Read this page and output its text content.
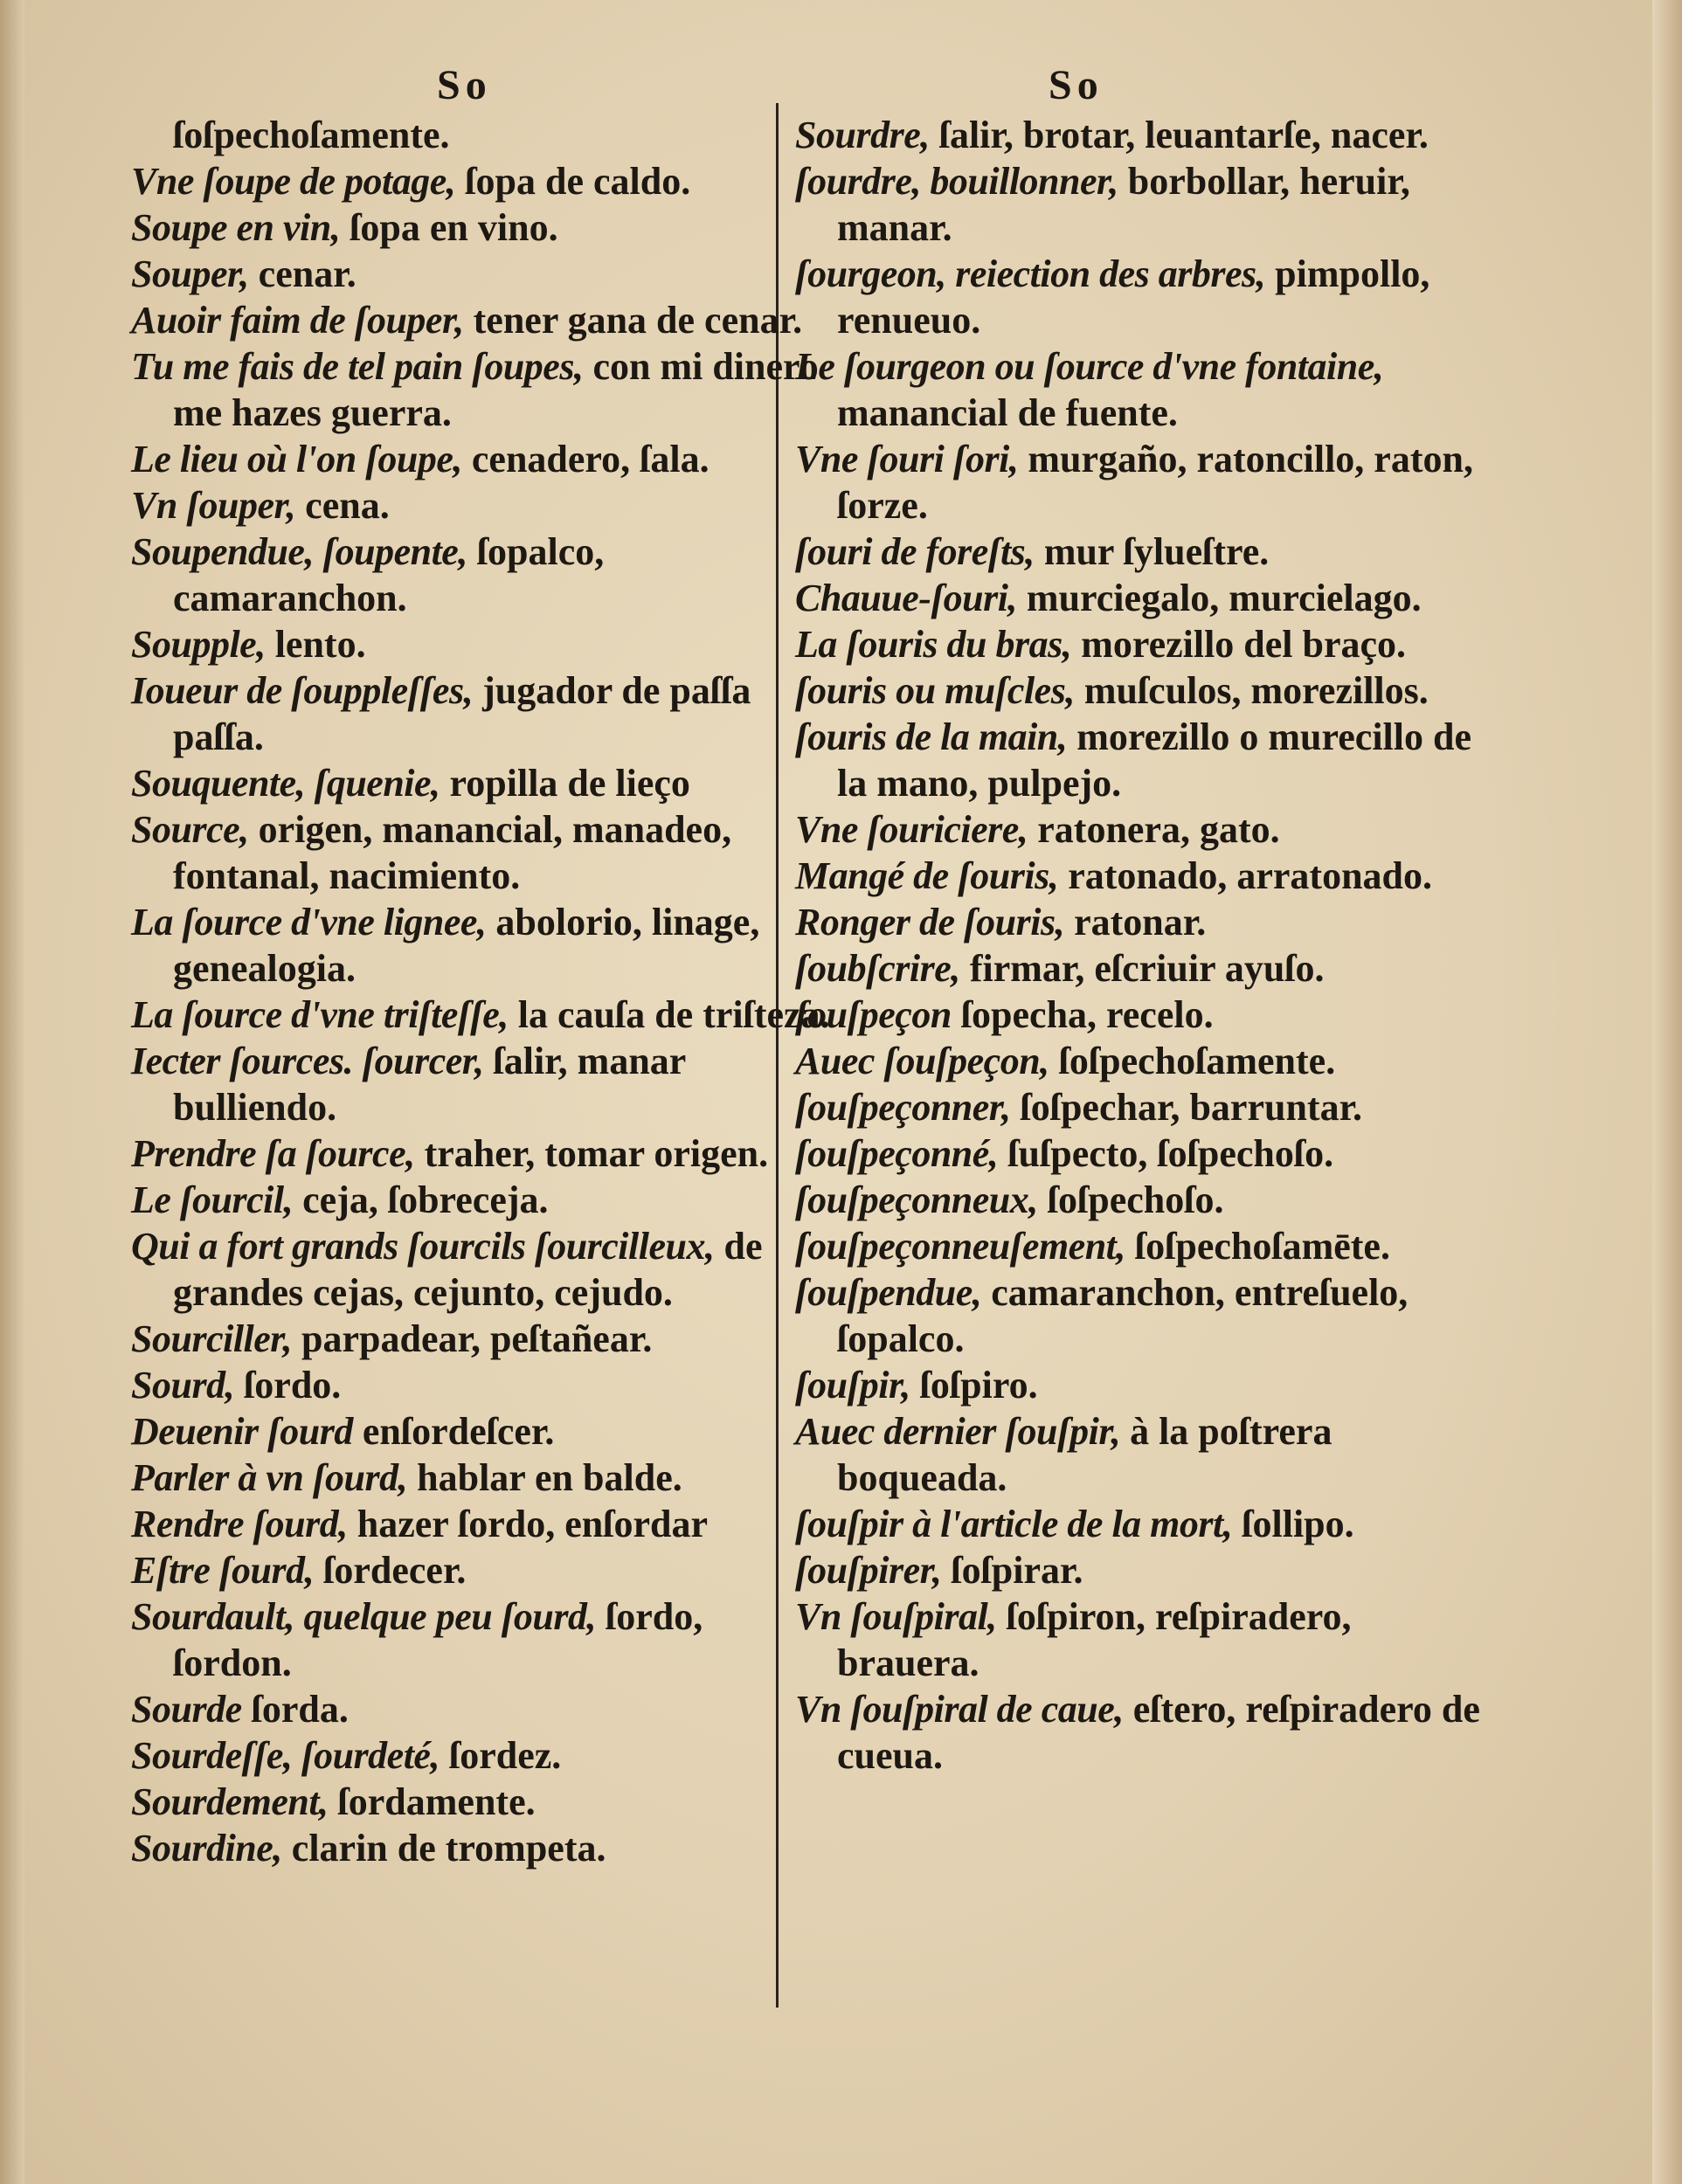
So	So

ſoſpechoſamente.

Vne ſoupe de potage, ſopa de caldo.

Soupe en vin, ſopa en vino.

Souper, cenar.

Auoir faim de ſouper, tener gana de cenar.

Tu me fais de tel pain ſoupes, con mi dinero me hazes guerra.

Le lieu où l'on ſoupe, cenadero, ſala.

Vn ſouper, cena.

Soupendue, ſoupente, ſopalco, camaranchon.

Soupple, lento.

Ioueur de ſouppleſſes, jugador de paſſa paſſa.

Souquente, ſquenie, ropilla de lieço

Source, origen, manancial, manadeo, fontanal, nacimiento.

La ſource d'vne lignee, abolorio, linage, genealogia.

La ſource d'vne triſteſſe, la cauſa de triſteza.

Iecter ſources. ſourcer, ſalir, manar bulliendo.

Prendre ſa ſource, traher, tomar origen.

Le ſourcil, ceja, ſobreceja.

Qui a fort grands ſourcils ſourcilleux, de grandes cejas, cejunto, cejudo.

Sourciller, parpadear, peſtañear.

Sourd, ſordo.

Deuenir ſourd enſordeſcer.

Parler à vn ſourd, hablar en balde.

Rendre ſourd, hazer ſordo, enſordar

Eſtre ſourd, ſordecer.

Sourdault, quelque peu ſourd, ſordo, ſordon.

Sourde ſorda.

Sourdeſſe, ſourdeté, ſordez.

Sourdement, ſordamente.

Sourdine, clarin de trompeta.

Sourdre, ſalir, brotar, leuantarſe, nacer.

ſourdre, bouillonner, borbollar, heruir, manar.

ſourgeon, reiection des arbres, pimpollo, renueuo.

Le ſourgeon ou ſource d'vne fontaine, manancial de fuente.

Vne ſouri ſori, murgaño, ratoncillo, raton, ſorze.

ſouri de foreſts, mur ſylueſtre.

Chauue-ſouri, murciegalo, murcielago.

La ſouris du bras, morezillo del braço.

ſouris ou muſcles, muſculos, morezillos.

ſouris de la main, morezillo o murecillo de la mano, pulpejo.

Vne ſouriciere, ratonera, gato.

Mangé de ſouris, ratonado, arratonado.

Ronger de ſouris, ratonar.

ſoubſcrire, firmar, eſcriuir ayuſo.

ſouſpeçon ſopecha, recelo.

Auec ſouſpeçon, ſoſpechoſamente.

ſouſpeçonner, ſoſpechar, barruntar.

ſouſpeçonné, ſuſpecto, ſoſpechoſo.

ſouſpeçonneux, ſoſpechoſo.

ſouſpeçonneuſement, ſoſpechoſamēte.

ſouſpendue, camaranchon, entreſuelo, ſopalco.

ſouſpir, ſoſpiro.

Auec dernier ſouſpir, à la poſtrera boqueada.

ſouſpir à l'article de la mort, ſollipo.

ſouſpirer, ſoſpirar.

Vn ſouſpiral, ſoſpiron, reſpiradero, brauera.

Vn ſouſpiral de caue, eſtero, reſpiradero de cueua.
